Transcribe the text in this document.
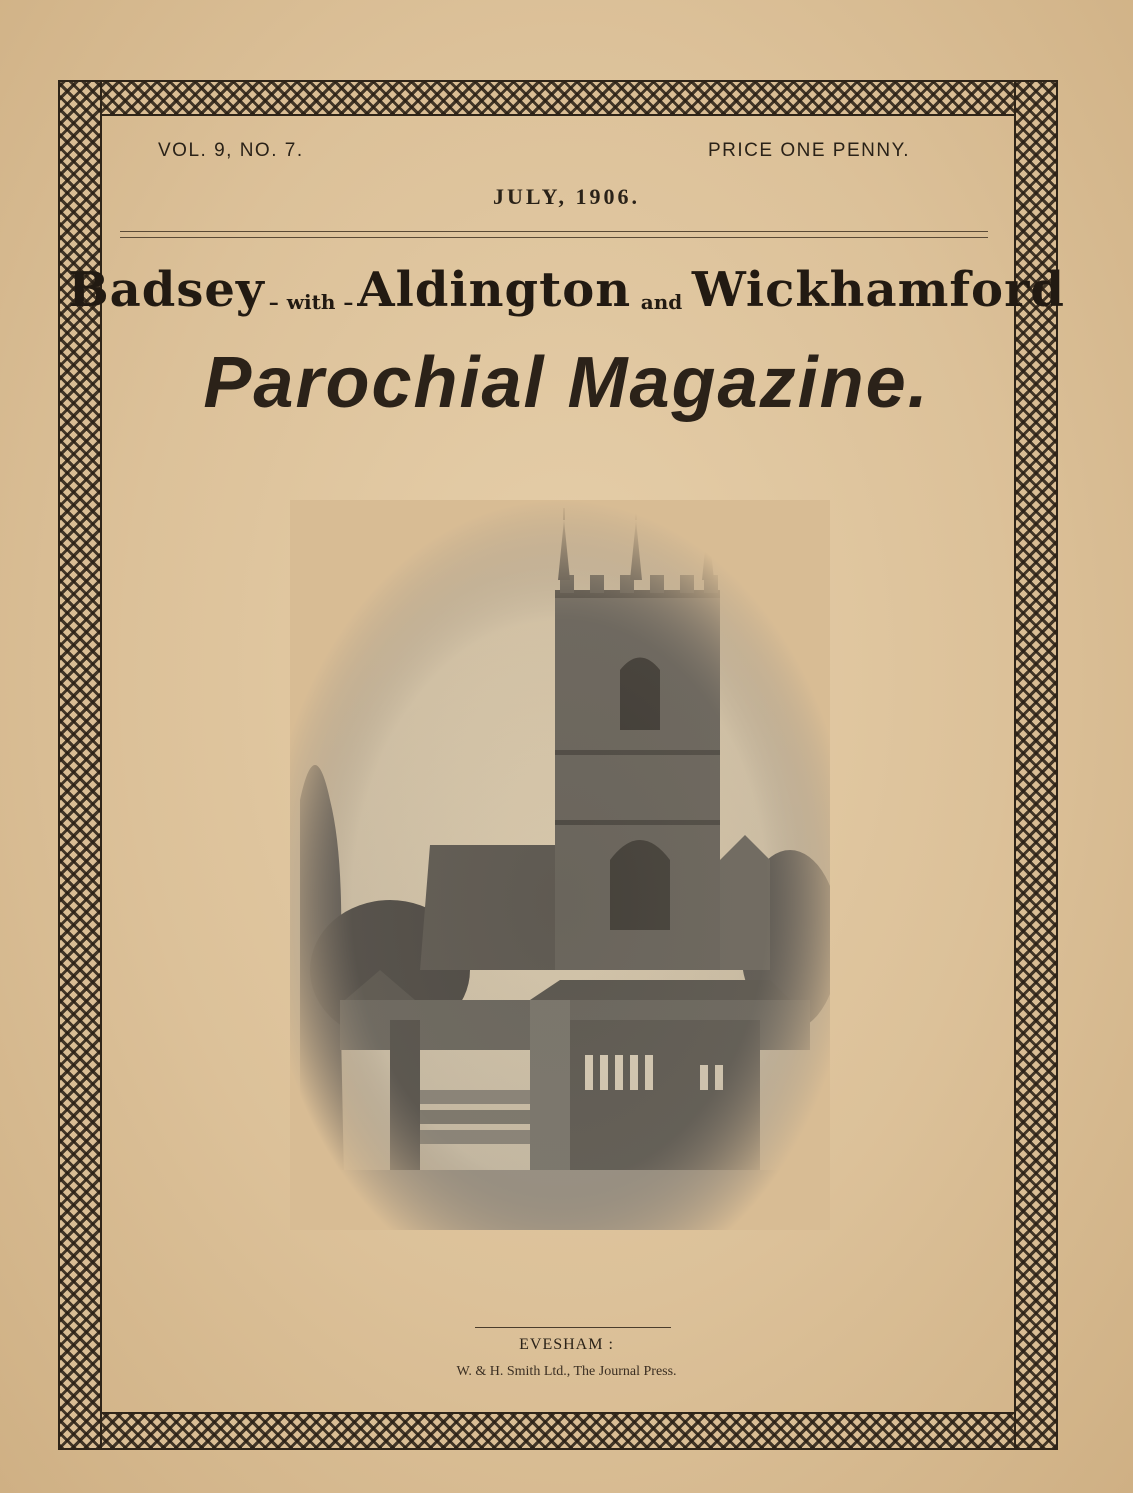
VOL. 9, NO. 7.	PRICE ONE PENNY.
JULY, 1906.
Badsey – with –Aldington and Wickhamford
Parochial Magazine.
EVESHAM :
W. & H. Smith Ltd., The Journal Press.
